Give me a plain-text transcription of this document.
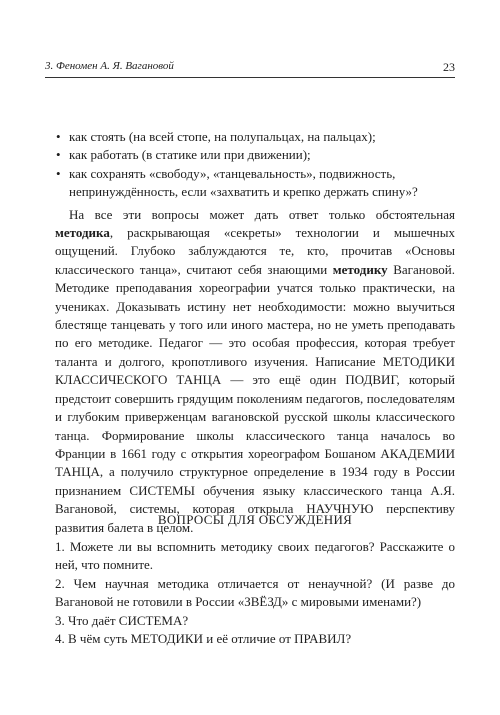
3. Феномен А. Я. Вагановой	23
• как стоять (на всей стопе, на полупальцах, на пальцах);
• как работать (в статике или при движении);
• как сохранять «свободу», «танцевальность», подвижность, непринуждённость, если «захватить и крепко держать спину»?

На все эти вопросы может дать ответ только обстоятельная методика, раскрывающая «секреты» технологии и мышечных ощущений. Глубоко заблуждаются те, кто, прочитав «Основы классического танца», считают себя знающими методику Вагановой. Методике преподавания хореографии учатся только практически, на учениках. Доказывать истину нет необходимости: можно выучиться блестяще танцевать у того или иного мастера, но не уметь преподавать по его методике. Педагог — это особая профессия, которая требует таланта и долгого, кропотливого изучения. Написание МЕТОДИКИ КЛАССИЧЕСКОГО ТАНЦА — это ещё один ПОДВИГ, который предстоит совершить грядущим поколениям педагогов, последователям и глубоким приверженцам вагановской русской школы классического танца. Формирование школы классического танца началось во Франции в 1661 году с открытия хореографом Бошаном АКАДЕМИИ ТАНЦА, а получило структурное определение в 1934 году в России признанием СИСТЕМЫ обучения языку классического танца А.Я. Вагановой, системы, которая открыла НАУЧНУЮ перспективу развития балета в целом.

ВОПРОСЫ ДЛЯ ОБСУЖДЕНИЯ
1. Можете ли вы вспомнить методику своих педагогов? Расскажите о ней, что помните.
2. Чем научная методика отличается от ненаучной? (И разве до Вагановой не готовили в России «ЗВЁЗД» с мировыми именами?)
3. Что даёт СИСТЕМА?
4. В чём суть МЕТОДИКИ и её отличие от ПРАВИЛ?
